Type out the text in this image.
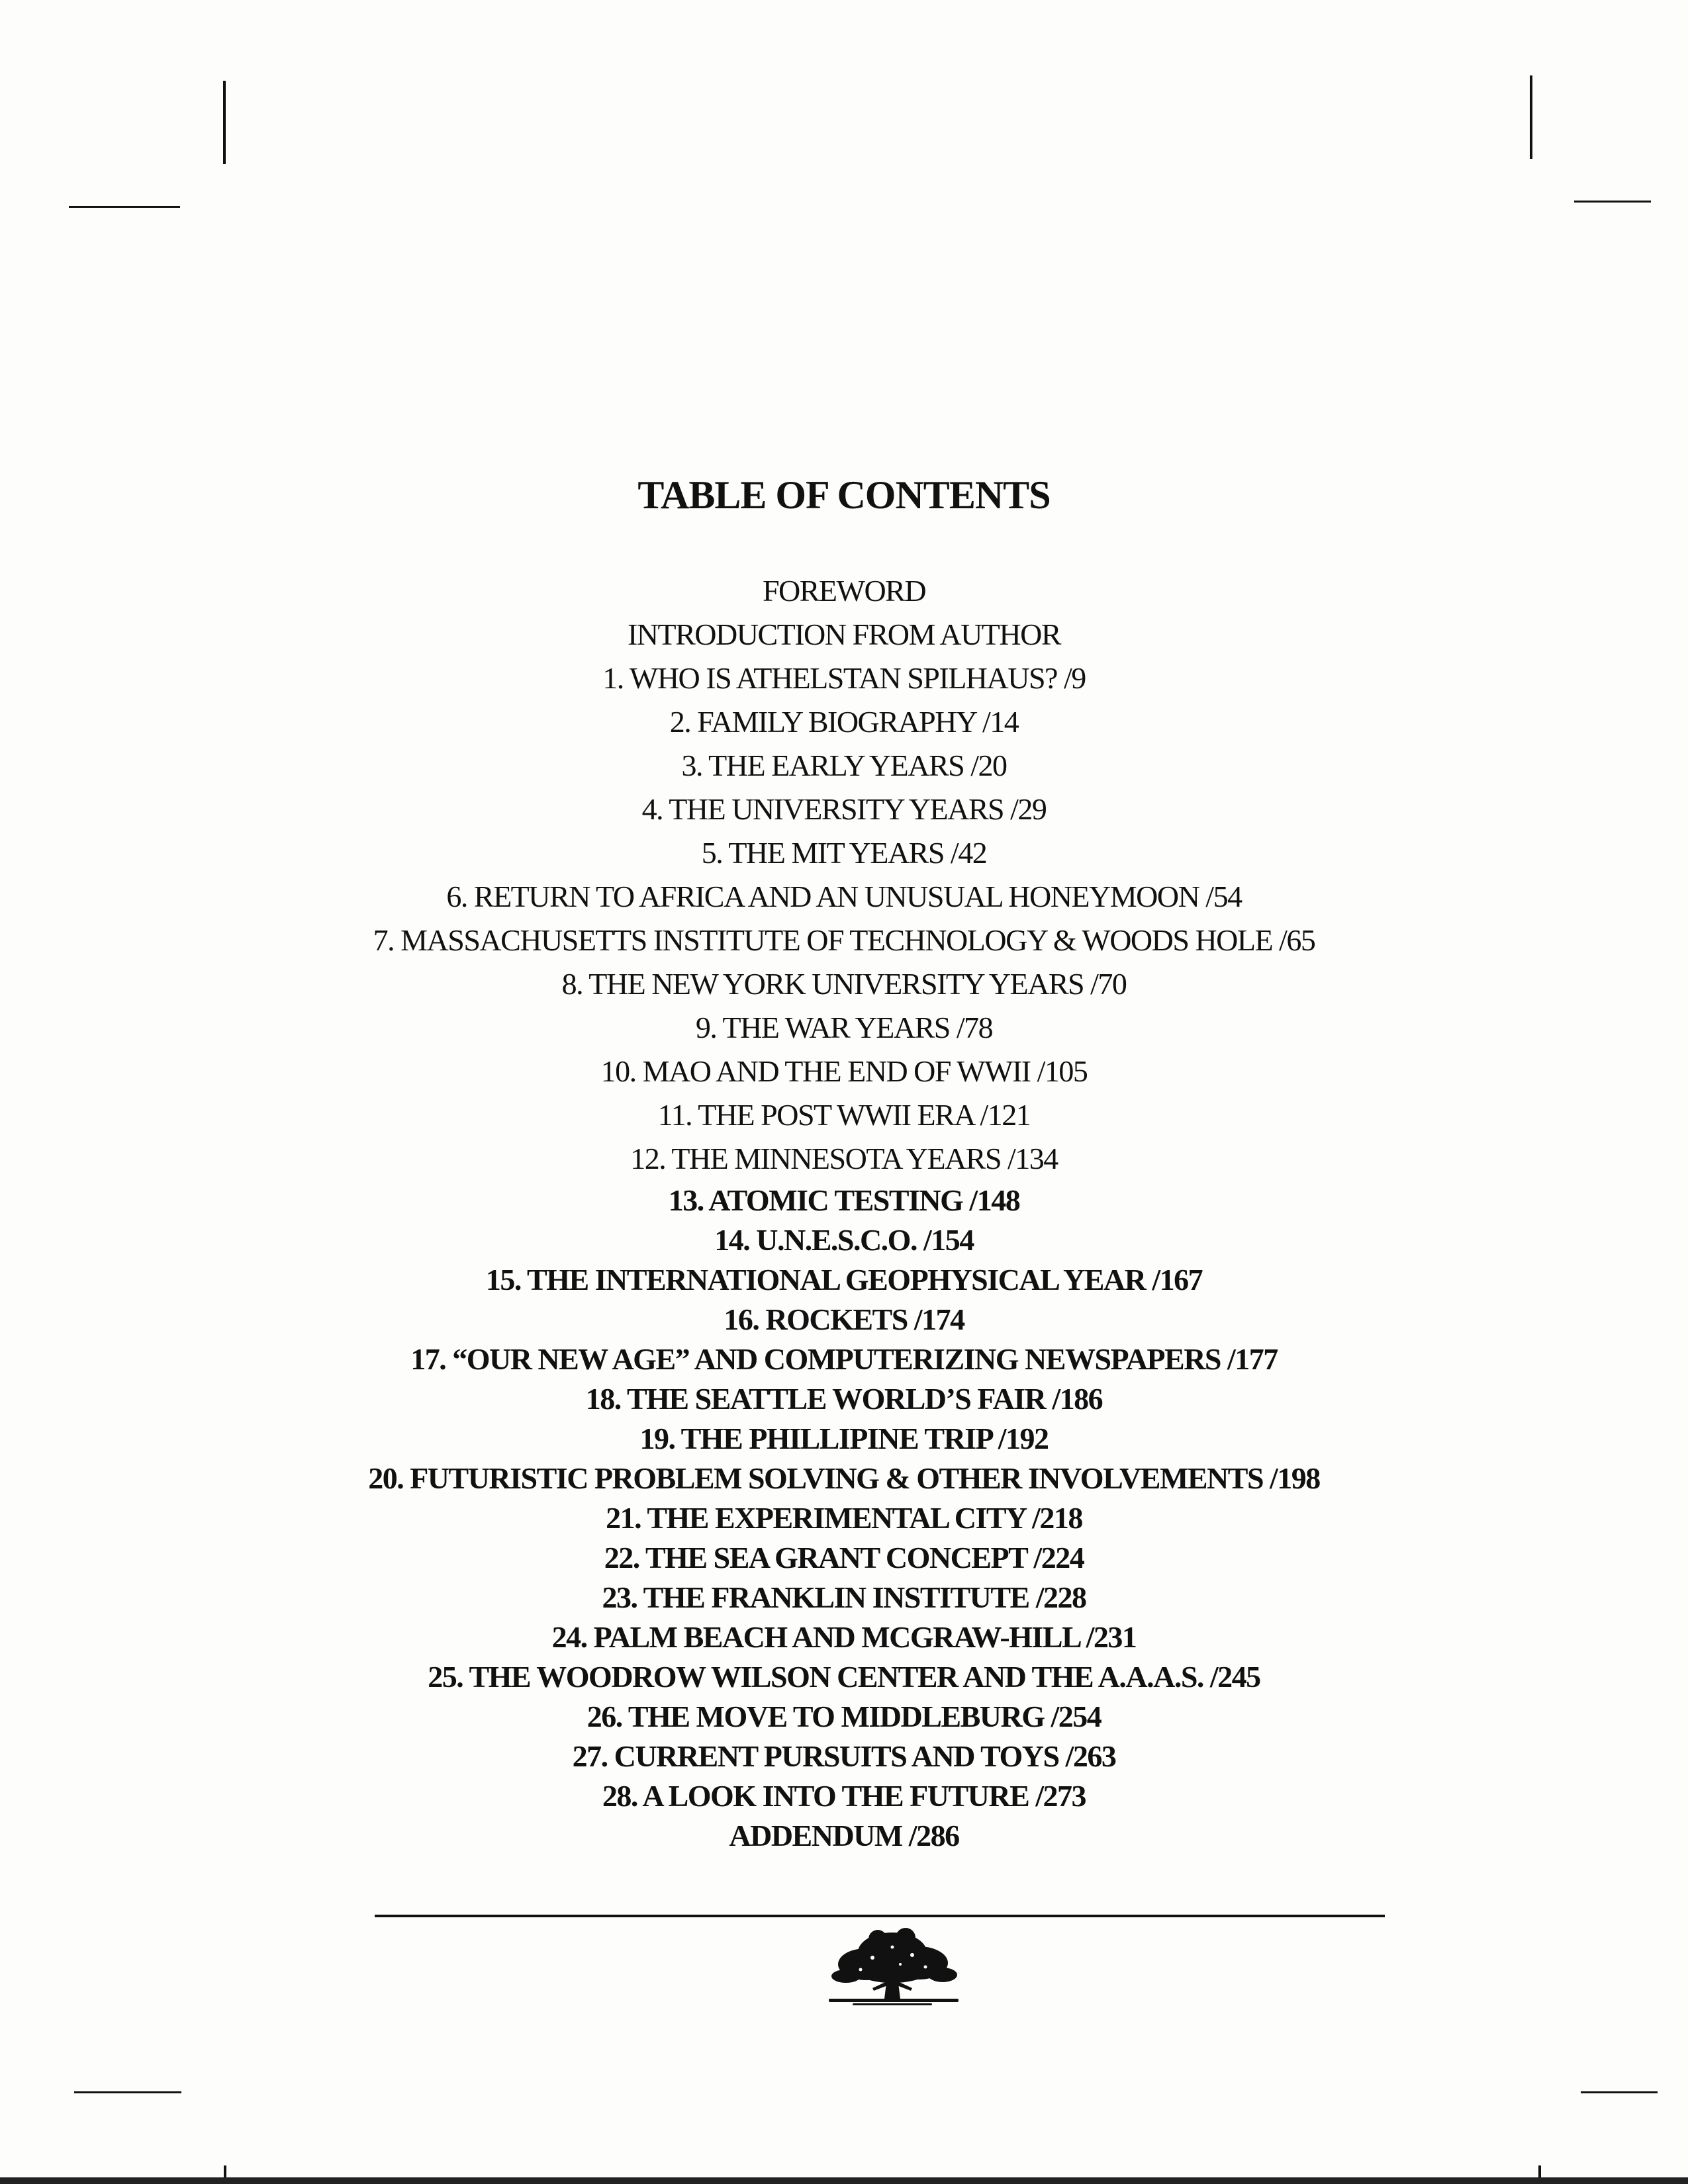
TABLE OF CONTENTS
FOREWORD
INTRODUCTION FROM AUTHOR
1. WHO IS ATHELSTAN SPILHAUS? /9
2. FAMILY BIOGRAPHY /14
3. THE EARLY YEARS /20
4. THE UNIVERSITY YEARS /29
5. THE MIT YEARS /42
6. RETURN TO AFRICA AND AN UNUSUAL HONEYMOON /54
7. MASSACHUSETTS INSTITUTE OF TECHNOLOGY & WOODS HOLE /65
8. THE NEW YORK UNIVERSITY YEARS /70
9. THE WAR YEARS /78
10. MAO AND THE END OF WWII /105
11. THE POST WWII ERA /121
12. THE MINNESOTA YEARS /134
13. ATOMIC TESTING /148
14. U.N.E.S.C.O. /154
15. THE INTERNATIONAL GEOPHYSICAL YEAR /167
16. ROCKETS /174
17. “OUR NEW AGE” AND COMPUTERIZING NEWSPAPERS /177
18. THE SEATTLE WORLD’S FAIR /186
19. THE PHILLIPINE TRIP /192
20. FUTURISTIC PROBLEM SOLVING & OTHER INVOLVEMENTS /198
21. THE EXPERIMENTAL CITY /218
22. THE SEA GRANT CONCEPT /224
23. THE FRANKLIN INSTITUTE /228
24. PALM BEACH AND MCGRAW-HILL /231
25. THE WOODROW WILSON CENTER AND THE A.A.A.S. /245
26. THE MOVE TO MIDDLEBURG /254
27. CURRENT PURSUITS AND TOYS /263
28. A LOOK INTO THE FUTURE /273
ADDENDUM /286
